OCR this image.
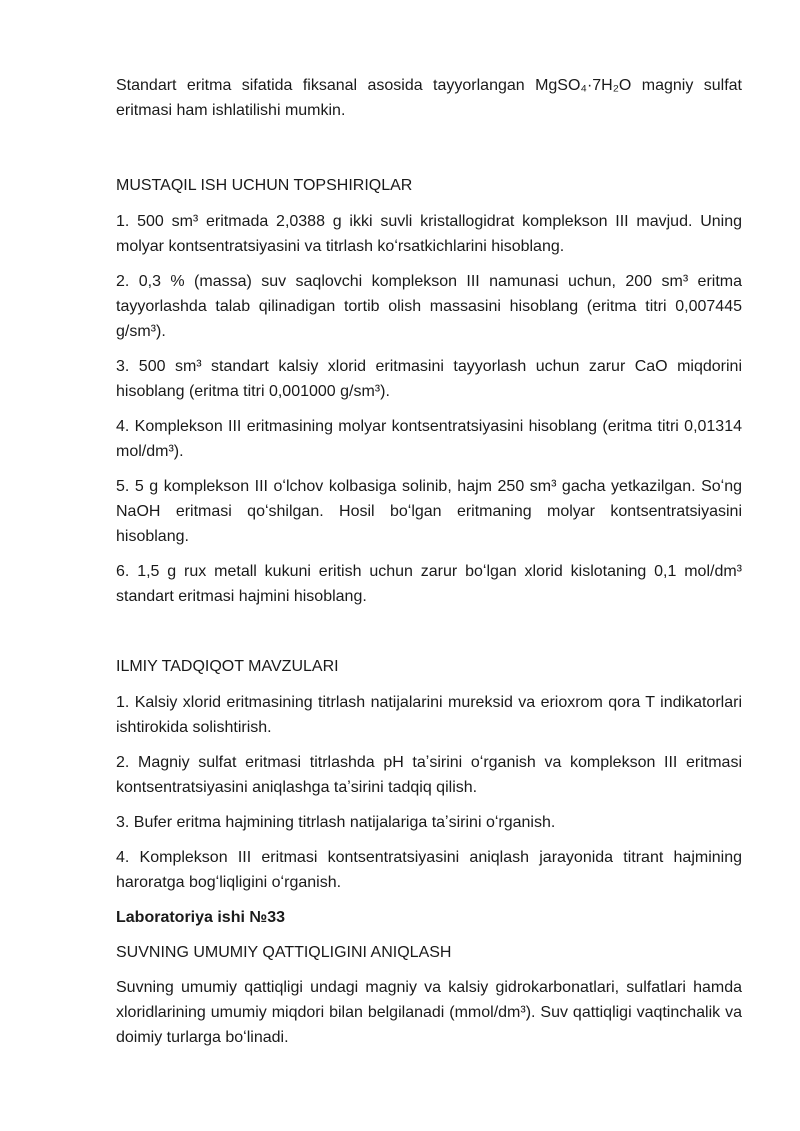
Standart eritma sifatida fiksanal asosida tayyorlangan MgSO₄·7H₂O magniy sulfat eritmasi ham ishlatilishi mumkin.

MUSTAQIL ISH UCHUN TOPSHIRIQLAR

1. 500 sm³ eritmada 2,0388 g ikki suvli kristallogidrat komplekson III mavjud. Uning molyar kontsentratsiyasini va titrlash koʻrsatkichlarini hisoblang.

2. 0,3 % (massa) suv saqlovchi komplekson III namunasi uchun, 200 sm³ eritma tayyorlashda talab qilinadigan tortib olish massasini hisoblang (eritma titri 0,007445 g/sm³).

3. 500 sm³ standart kalsiy xlorid eritmasini tayyorlash uchun zarur CaO miqdorini hisoblang (eritma titri 0,001000 g/sm³).

4. Komplekson III eritmasining molyar kontsentratsiyasini hisoblang (eritma titri 0,01314 mol/dm³).

5. 5 g komplekson III oʻlchov kolbasiga solinib, hajm 250 sm³ gacha yetkazilgan. Soʻng NaOH eritmasi qoʻshilgan. Hosil boʻlgan eritmaning molyar kontsentratsiyasini hisoblang.

6. 1,5 g rux metall kukuni eritish uchun zarur boʻlgan xlorid kislotaning 0,1 mol/dm³ standart eritmasi hajmini hisoblang.

ILMIY TADQIQOT MAVZULARI

1. Kalsiy xlorid eritmasining titrlash natijalarini mureksid va erioxrom qora T indikatorlari ishtirokida solishtirish.

2. Magniy sulfat eritmasi titrlashda pH taʼsirini oʻrganish va komplekson III eritmasi kontsentratsiyasini aniqlashga taʼsirini tadqiq qilish.

3. Bufer eritma hajmining titrlash natijalariga taʼsirini oʻrganish.

4. Komplekson III eritmasi kontsentratsiyasini aniqlash jarayonida titrant hajmining haroratga bogʻliqligini oʻrganish.

Laboratoriya ishi №33

SUVNING UMUMIY QATTIQLIGINI ANIQLASH

Suvning umumiy qattiqligi undagi magniy va kalsiy gidrokarbonatlari, sulfatlari hamda xloridlarining umumiy miqdori bilan belgilanadi (mmol/dm³). Suv qattiqligi vaqtinchalik va doimiy turlarga boʻlinadi.
